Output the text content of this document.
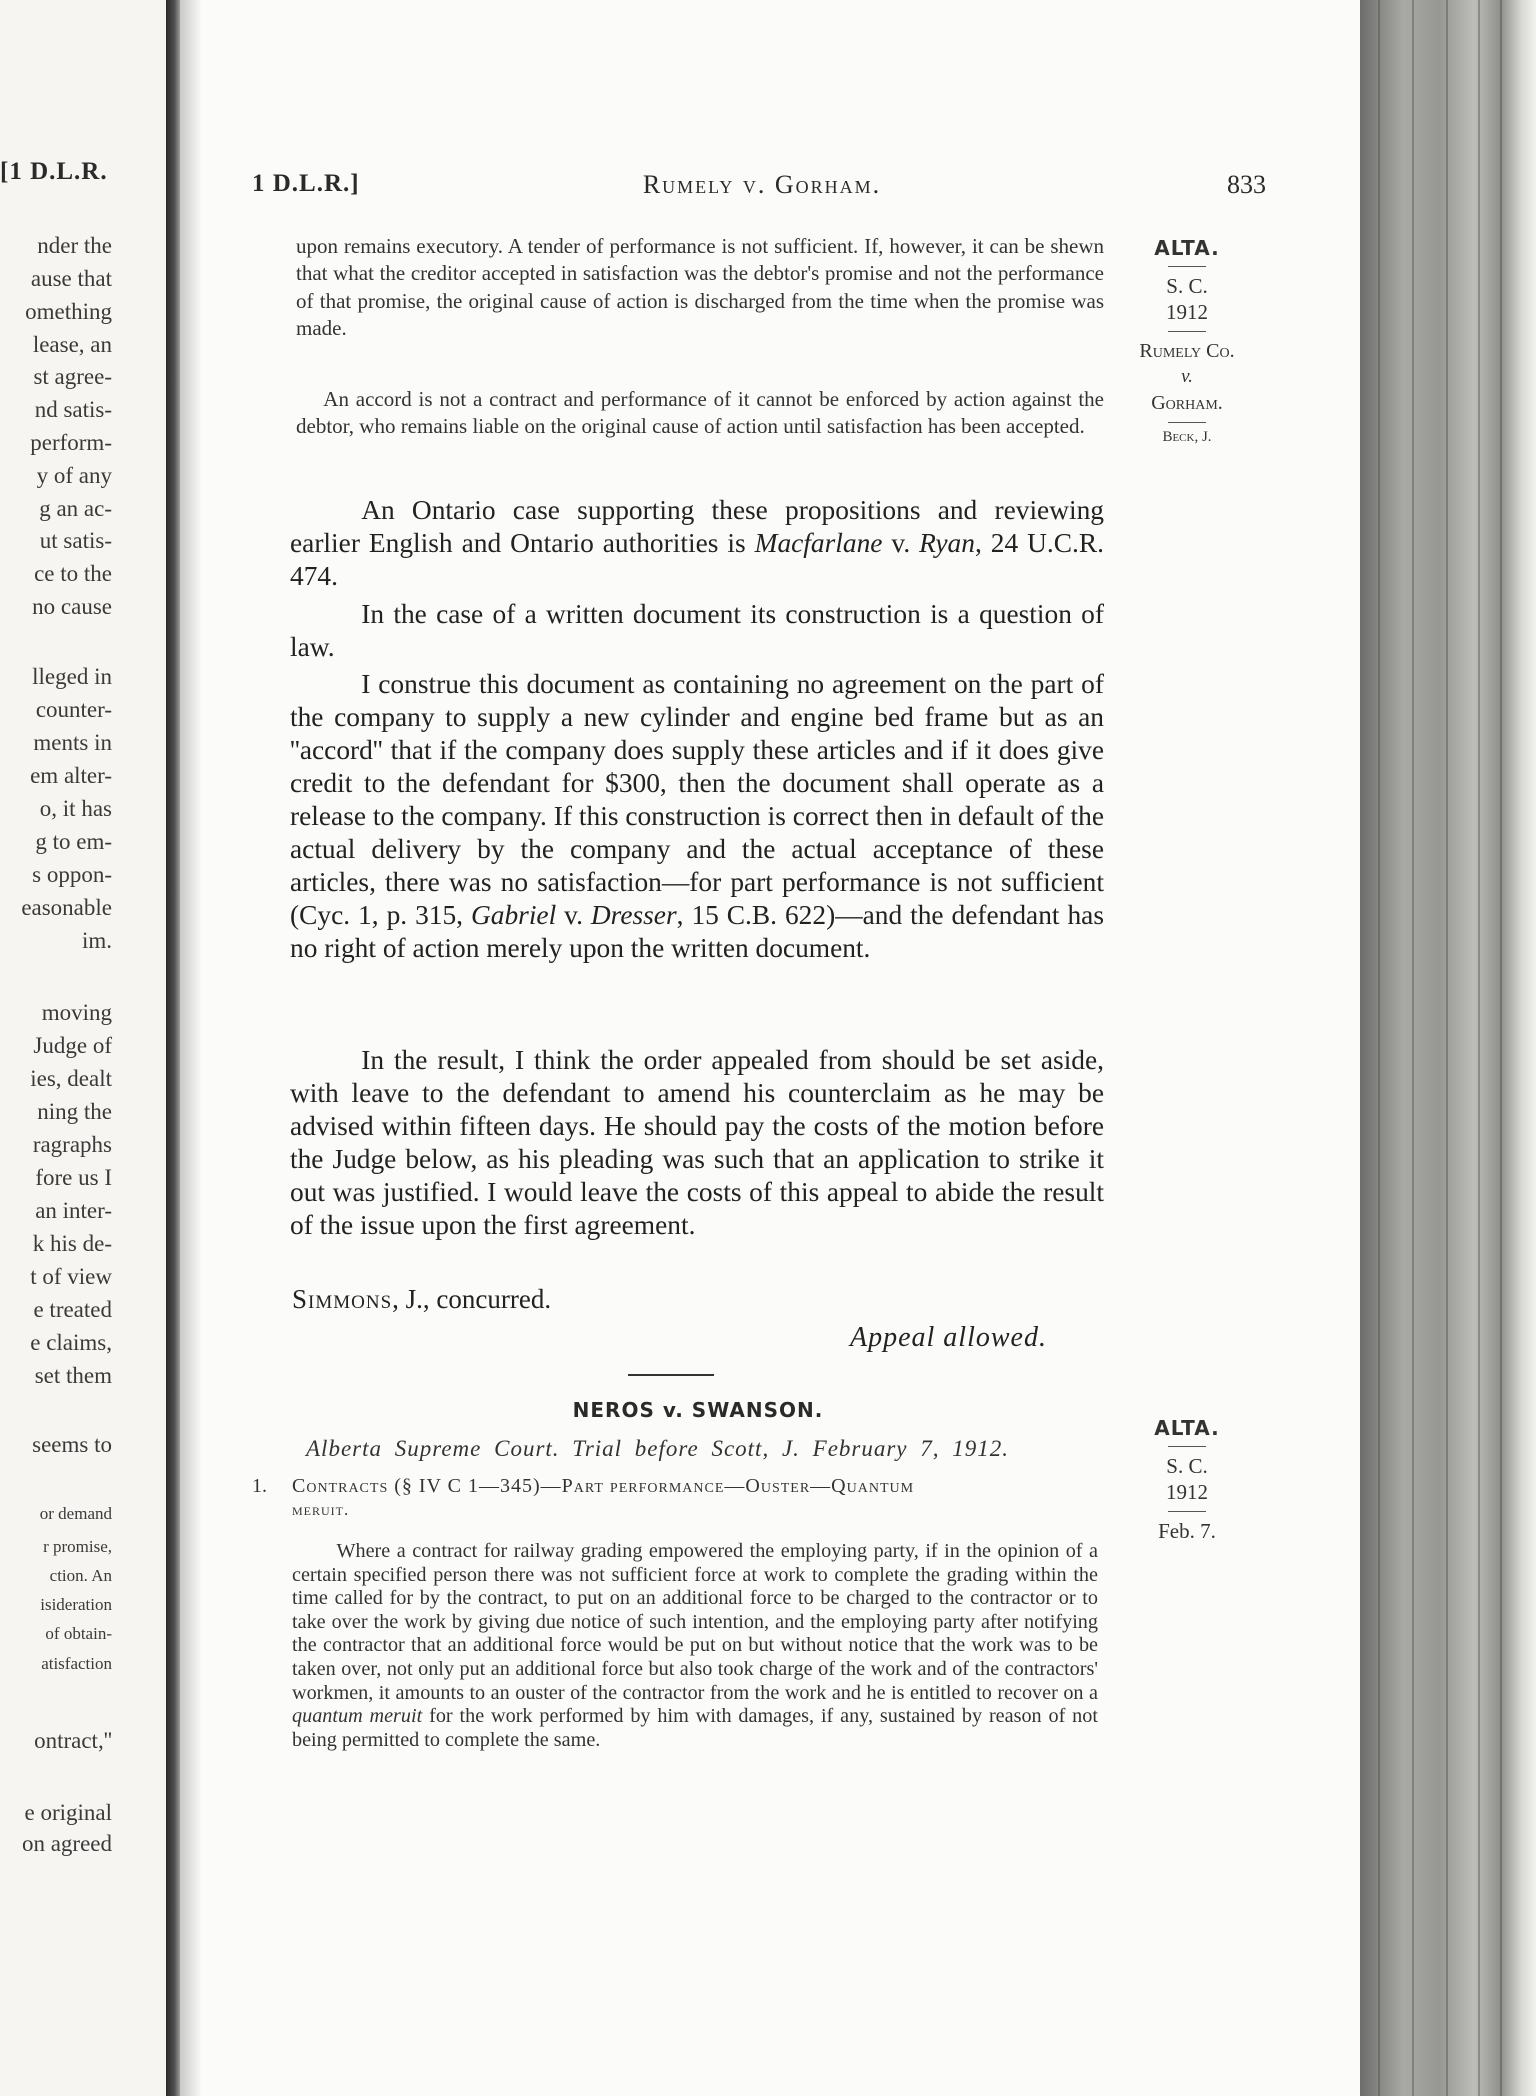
[1 D.L.R.
nder the
ause that
omething
lease, an
st agree-
nd satis-
perform-
y of any
g an ac-
ut satis-
ce to the
no cause
lleged in
counter-
ments in
em alter-
o, it has
g to em-
s oppon-
easonable
im.
moving
Judge of
ies, dealt
ning the
ragraphs
fore us I
an inter-
k his de-
t of view
e treated
e claims,
set them
seems to
or demand
r promise,
ction. An
isideration
of obtain-
atisfaction
ontract,''
e original
on agreed
1 D.L.R.]	Rumely v. Gorham.	833
upon remains executory. A tender of performance is not sufficient. If, however, it can be shewn that what the creditor accepted in satisfaction was the debtor's promise and not the performance of that promise, the original cause of action is discharged from the time when the promise was made.
An accord is not a contract and performance of it cannot be enforced by action against the debtor, who remains liable on the original cause of action until satisfaction has been accepted.
An Ontario case supporting these propositions and reviewing earlier English and Ontario authorities is Macfarlane v. Ryan, 24 U.C.R. 474.
In the case of a written document its construction is a question of law.
I construe this document as containing no agreement on the part of the company to supply a new cylinder and engine bed frame but as an ''accord'' that if the company does supply these articles and if it does give credit to the defendant for $300, then the document shall operate as a release to the company. If this construction is correct then in default of the actual delivery by the company and the actual acceptance of these articles, there was no satisfaction—for part performance is not sufficient (Cyc. 1, p. 315, Gabriel v. Dresser, 15 C.B. 622)—and the defendant has no right of action merely upon the written document.
In the result, I think the order appealed from should be set aside, with leave to the defendant to amend his counterclaim as he may be advised within fifteen days. He should pay the costs of the motion before the Judge below, as his pleading was such that an application to strike it out was justified. I would leave the costs of this appeal to abide the result of the issue upon the first agreement.
Simmons, J., concurred.
Appeal allowed.
NEROS v. SWANSON.
Alberta Supreme Court. Trial before Scott, J. February 7, 1912.
1. Contracts (§ IV C 1—345)—Part performance—Ouster—Quantum
meruit.
Where a contract for railway grading empowered the employing party, if in the opinion of a certain specified person there was not sufficient force at work to complete the grading within the time called for by the contract, to put on an additional force to be charged to the contractor or to take over the work by giving due notice of such intention, and the employing party after notifying the contractor that an additional force would be put on but without notice that the work was to be taken over, not only put an additional force but also took charge of the work and of the contractors' workmen, it amounts to an ouster of the contractor from the work and he is entitled to recover on a quantum meruit for the work performed by him with damages, if any, sustained by reason of not being permitted to complete the same.
ALTA.
S. C.
1912
Rumely Co.
v.
Gorham.
Beck, J.
ALTA.
S. C.
1912
Feb. 7.
